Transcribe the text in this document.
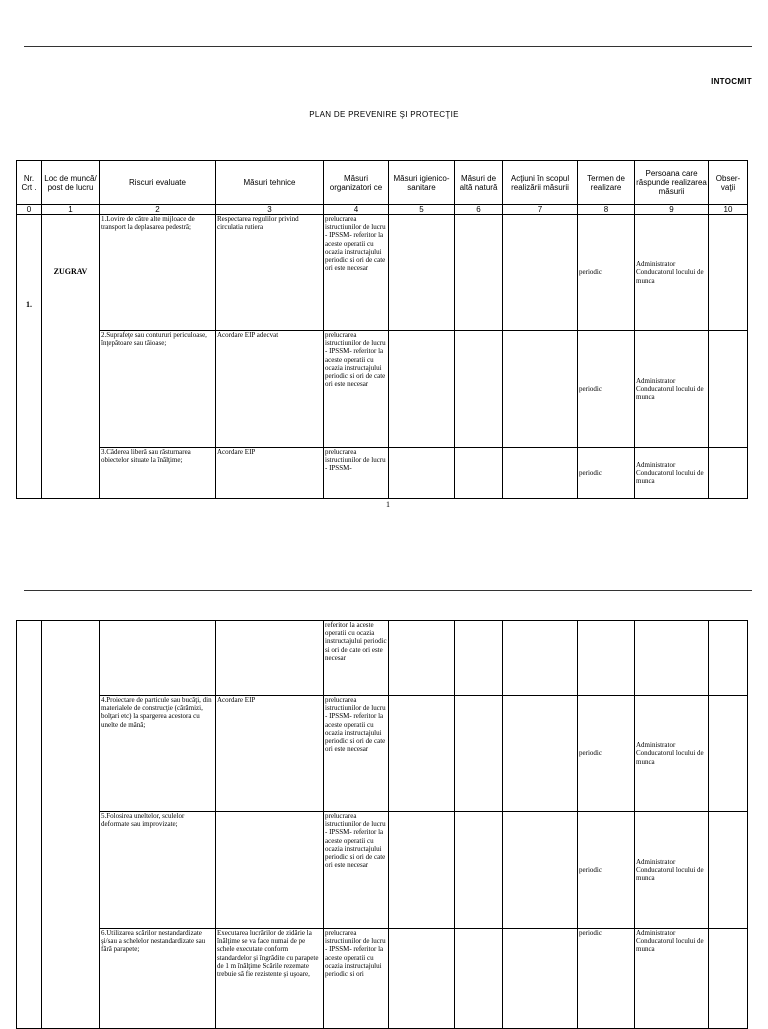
INTOCMIT
PLAN DE PREVENIRE ŞI PROTECŢIE
Nr. Crt .	Loc de muncă/ post de lucru	Riscuri evaluate	Măsuri tehnice	Măsuri organizatori ce	Măsuri igienico-sanitare	Măsuri de altă natură	Acţiuni în scopul realizării măsurii	Termen de realizare	Persoana care răspunde realizarea măsurii	Obser-vaţii
0	1	2	3	4	5	6	7	8	9	10

1.	ZUGRAV	1.Lovire de către alte mijloace de transport la deplasarea pedestră;	Respectarea regulilor privind circulatia rutiera	prelucrarea istructiunilor de lucru - IPSSM- referitor la aceste operatii cu ocazia instructajului periodic si ori de cate ori este necesar				periodic	Administrator Conducatorul locului de munca	
		2.Suprafeţe sau contururi periculoase, înţepătoare sau tăioase;	Acordare EIP adecvat	prelucrarea istructiunilor de lucru - IPSSM- referitor la aceste operatii cu ocazia instructajului periodic si ori de cate ori este necesar				periodic	Administrator Conducatorul locului de munca	
		3.Căderea liberă sau răsturnarea obiectelor situate la înălţime;	Acordare EIP	prelucrarea istructiunilor de lucru - IPSSM-				periodic	Administrator Conducatorul locului de munca	
1
				referitor la aceste operatii cu ocazia instructajului periodic si ori de cate ori este necesar						
		4.Proiectare de particule sau bucăţi, din materialele de construcţie (cărămizi, bolţari etc) la spargerea acestora cu unelte de mână;	Acordare EIP	prelucrarea istructiunilor de lucru - IPSSM- referitor la aceste operatii cu ocazia instructajului periodic si ori de cate ori este necesar				periodic	Administrator Conducatorul locului de munca	
		5.Folosirea uneltelor, sculelor deformate sau improvizate;		prelucrarea istructiunilor de lucru - IPSSM- referitor la aceste operatii cu ocazia instructajului periodic si ori de cate ori este necesar				periodic	Administrator Conducatorul locului de munca	
		6.Utilizarea scărilor nestandardizate şi/sau a schelelor nestandardizate sau fără parapete;	Executarea lucrărilor de zidărie la înălţime se va face numai de pe schele executate conform standardelor şi îngrădite cu parapete de 1 m înălţime Scările rezemate trebuie să fie rezistente şi uşoare,	prelucrarea istructiunilor de lucru - IPSSM- referitor la aceste operatii cu ocazia instructajului periodic si ori				periodic	Administrator Conducatorul locului de munca	
